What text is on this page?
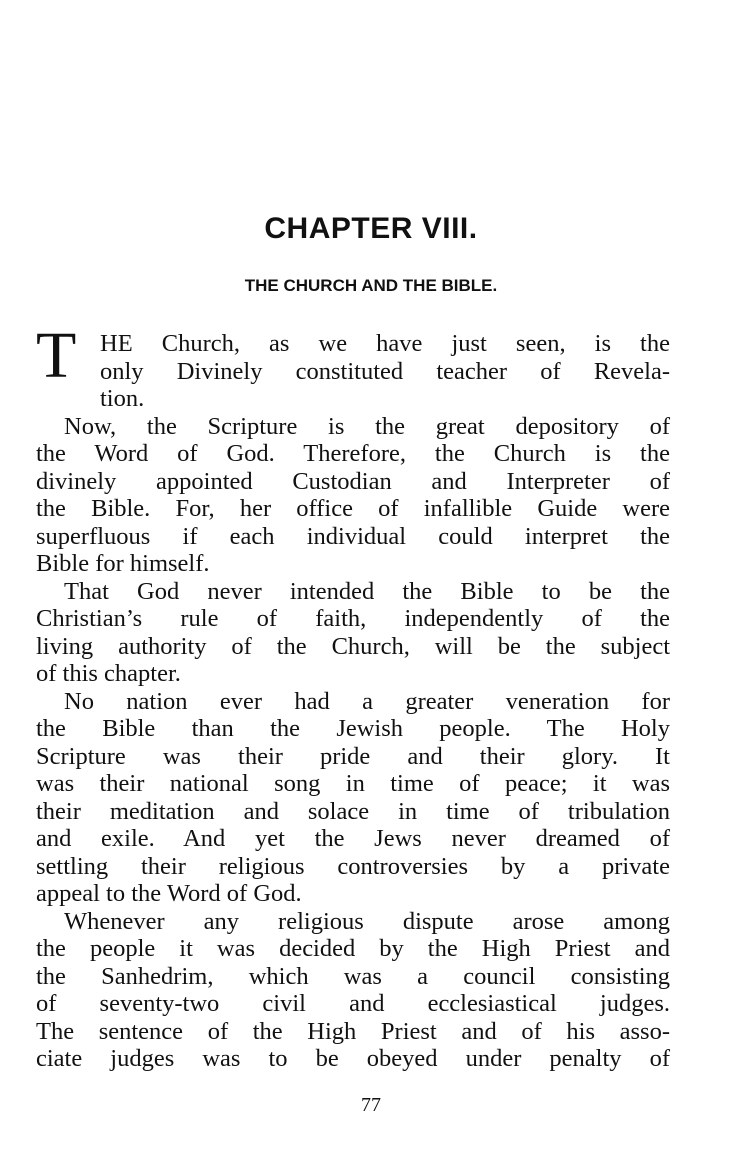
CHAPTER VIII.
THE CHURCH AND THE BIBLE.
T HE Church, as we have just seen, is the
only Divinely constituted teacher of Revela-
tion.
Now, the Scripture is the great depository of
the Word of God. Therefore, the Church is the
divinely appointed Custodian and Interpreter of
the Bible. For, her office of infallible Guide were
superfluous if each individual could interpret the
Bible for himself.
That God never intended the Bible to be the
Christian’s rule of faith, independently of the
living authority of the Church, will be the subject
of this chapter.
No nation ever had a greater veneration for
the Bible than the Jewish people. The Holy
Scripture was their pride and their glory. It
was their national song in time of peace; it was
their meditation and solace in time of tribulation
and exile. And yet the Jews never dreamed of
settling their religious controversies by a private
appeal to the Word of God.
Whenever any religious dispute arose among
the people it was decided by the High Priest and
the Sanhedrim, which was a council consisting
of seventy-two civil and ecclesiastical judges.
The sentence of the High Priest and of his asso-
ciate judges was to be obeyed under penalty of
77
